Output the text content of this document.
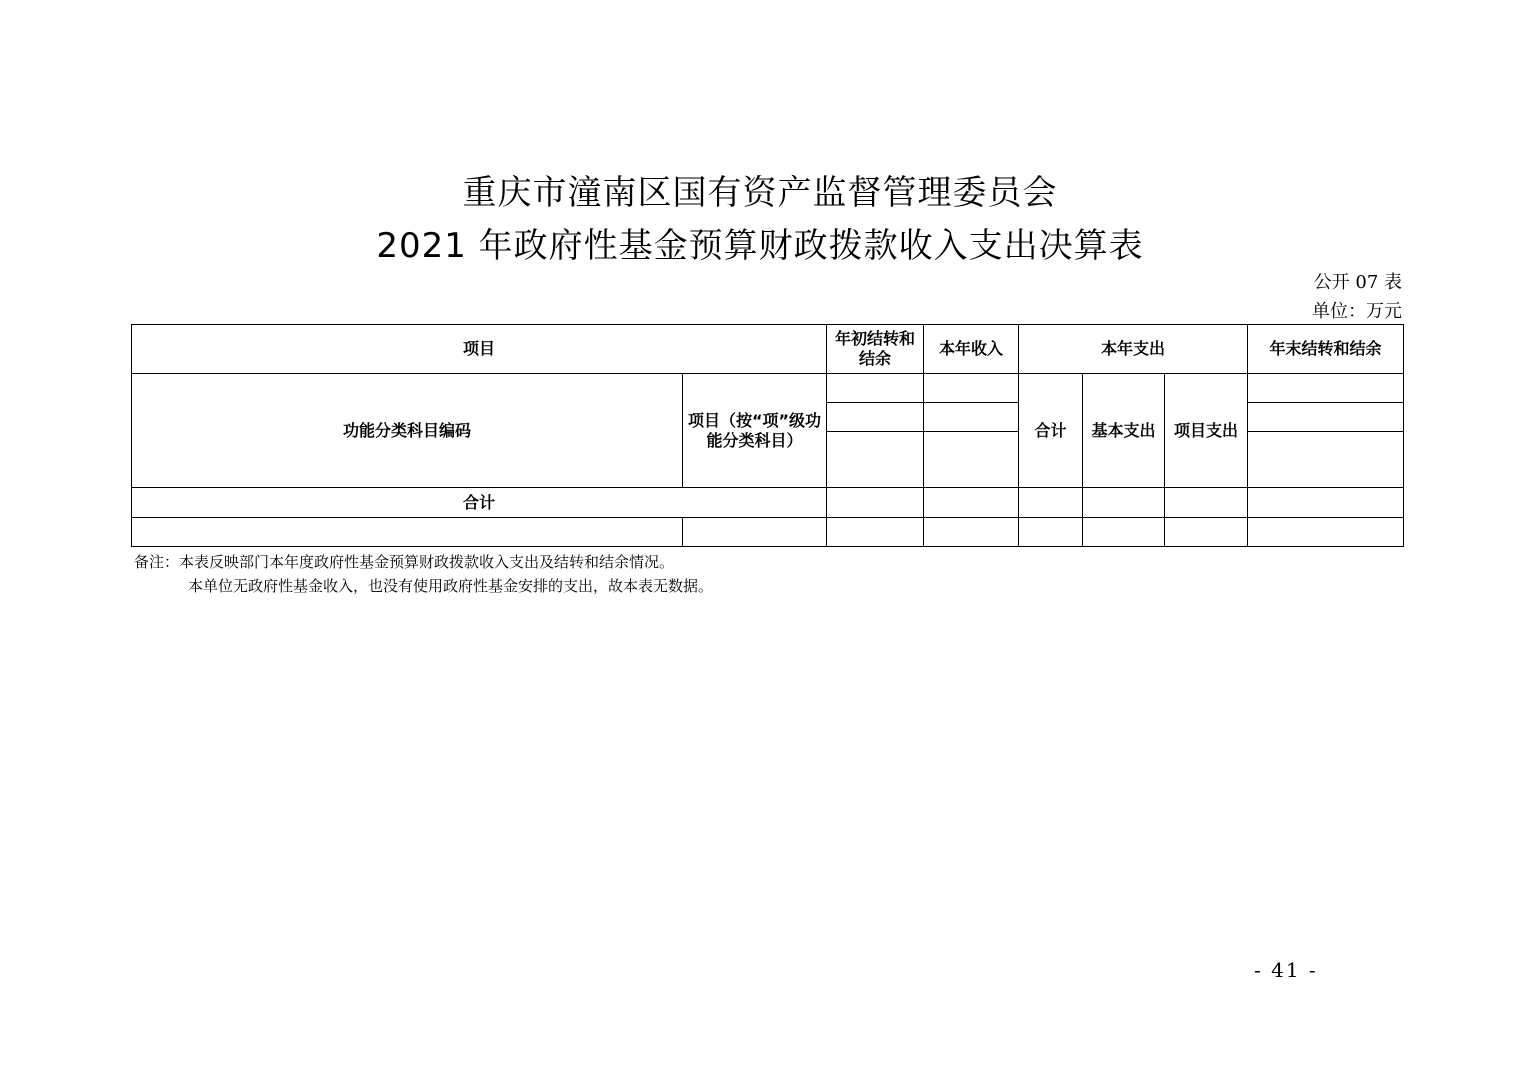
重庆市潼南区国有资产监督管理委员会
2021 年政府性基金预算财政拨款收入支出决算表
公开 07 表
单位：万元
项目		年初结转和结余	本年收入	本年支出			年末结转和结余
功能分类科目编码	项目（按“项”级功能分类科目）			合计	基本支出	项目支出	

合计							

备注：本表反映部门本年度政府性基金预算财政拨款收入支出及结转和结余情况。
本单位无政府性基金收入，也没有使用政府性基金安排的支出，故本表无数据。
- 41 -
